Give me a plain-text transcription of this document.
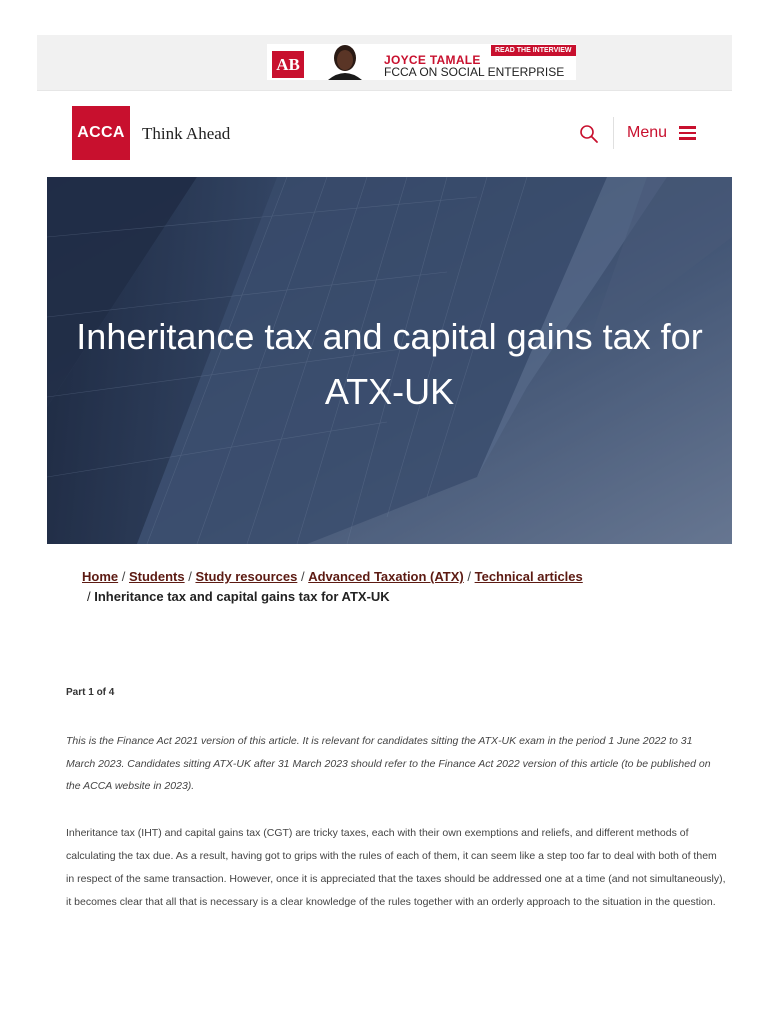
AB	JOYCE TAMALE
FCCA ON SOCIAL ENTERPRISE
READ THE INTERVIEW
ACCA	Think Ahead	Menu
Inheritance tax and capital gains tax for ATX-UK
Home / Students / Study resources / Advanced Taxation (ATX) / Technical articles
/ Inheritance tax and capital gains tax for ATX-UK
Part 1 of 4
This is the Finance Act 2021 version of this article. It is relevant for candidates sitting the ATX-UK exam in the period 1 June 2022 to 31 March 2023. Candidates sitting ATX-UK after 31 March 2023 should refer to the Finance Act 2022 version of this article (to be published on the ACCA website in 2023).
Inheritance tax (IHT) and capital gains tax (CGT) are tricky taxes, each with their own exemptions and reliefs, and different methods of calculating the tax due. As a result, having got to grips with the rules of each of them, it can seem like a step too far to deal with both of them in respect of the same transaction. However, once it is appreciated that the taxes should be addressed one at a time (and not simultaneously), it becomes clear that all that is necessary is a clear knowledge of the rules together with an orderly approach to the situation in the question.
